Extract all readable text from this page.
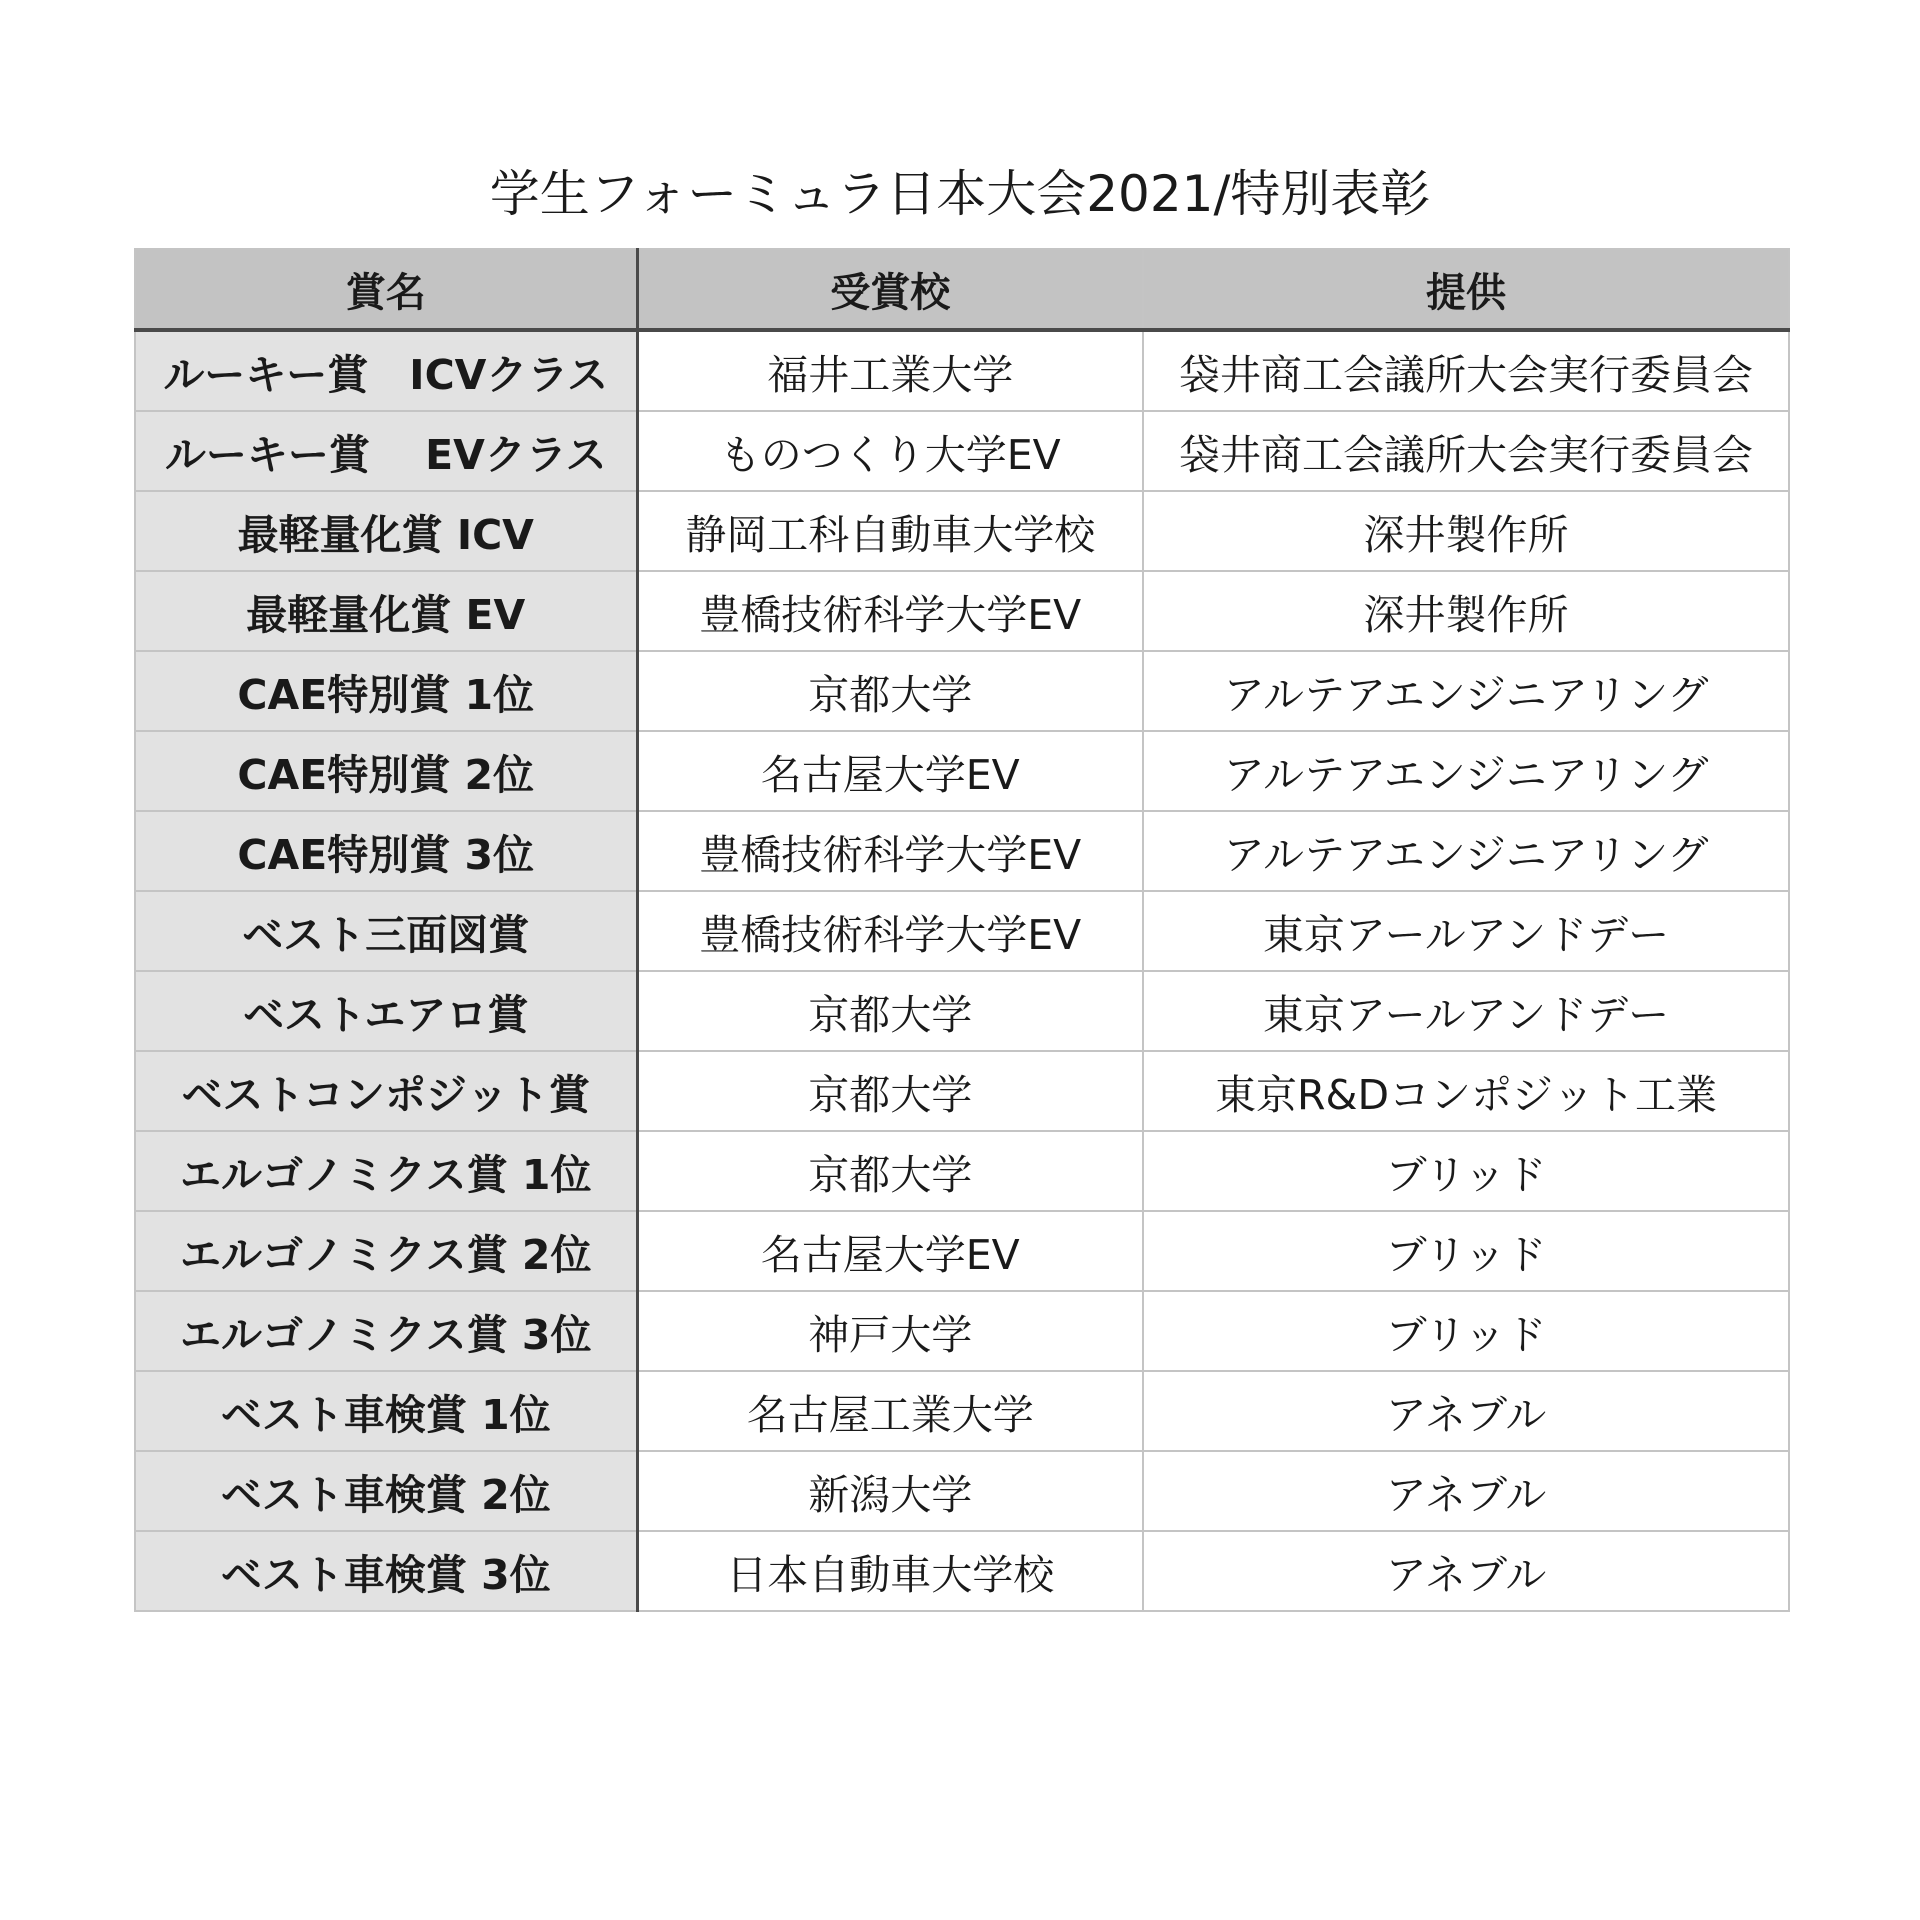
学生フォーミュラ日本大会2021/特別表彰
賞名	受賞校	提供
ルーキー賞　ICVクラス	福井工業大学	袋井商工会議所大会実行委員会
ルーキー賞　 EVクラス	ものつくり大学EV	袋井商工会議所大会実行委員会
最軽量化賞 ICV	静岡工科自動車大学校	深井製作所
最軽量化賞 EV	豊橋技術科学大学EV	深井製作所
CAE特別賞 1位	京都大学	アルテアエンジニアリング
CAE特別賞 2位	名古屋大学EV	アルテアエンジニアリング
CAE特別賞 3位	豊橋技術科学大学EV	アルテアエンジニアリング
ベスト三面図賞	豊橋技術科学大学EV	東京アールアンドデー
ベストエアロ賞	京都大学	東京アールアンドデー
ベストコンポジット賞	京都大学	東京R&Dコンポジット工業
エルゴノミクス賞 1位	京都大学	ブリッド
エルゴノミクス賞 2位	名古屋大学EV	ブリッド
エルゴノミクス賞 3位	神戸大学	ブリッド
ベスト車検賞 1位	名古屋工業大学	アネブル
ベスト車検賞 2位	新潟大学	アネブル
ベスト車検賞 3位	日本自動車大学校	アネブル
